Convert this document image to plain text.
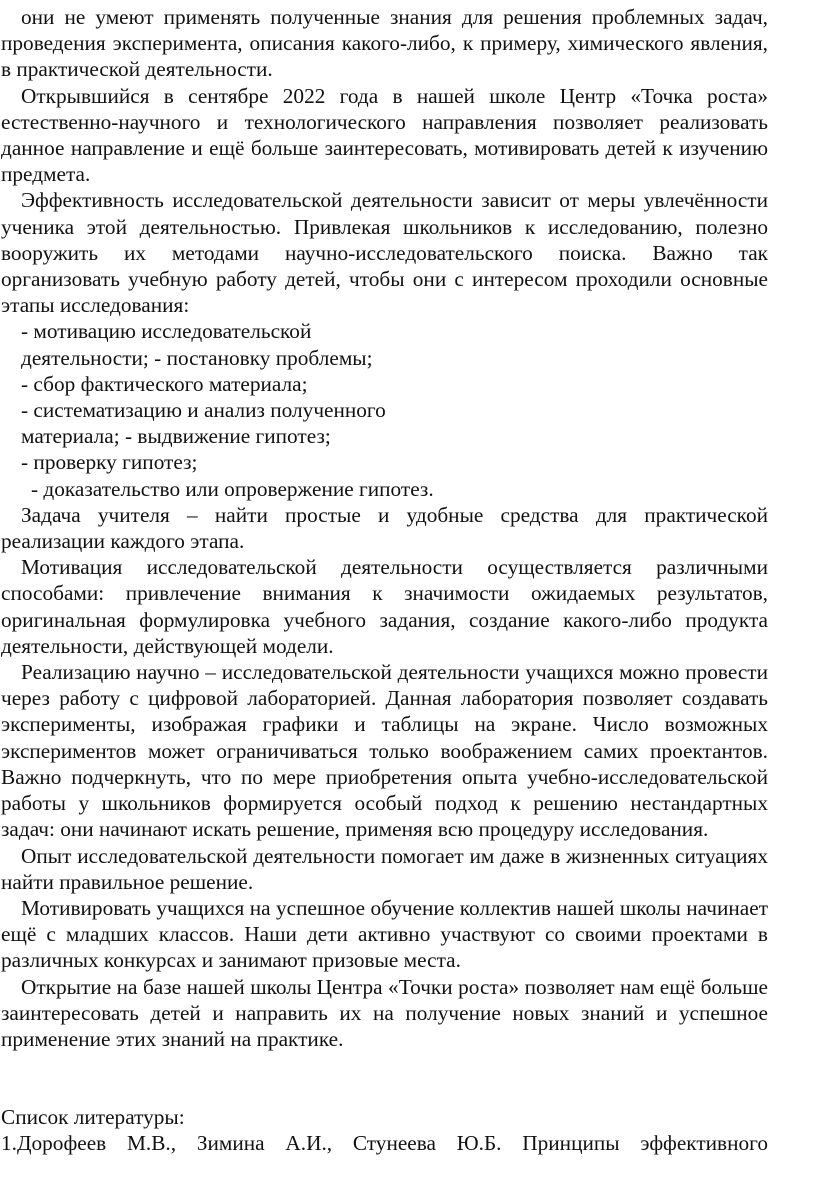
они не умеют применять полученные знания для решения проблемных задач, проведения эксперимента, описания какого-либо, к примеру, химического явления, в практической деятельности.

Открывшийся в сентябре 2022 года в нашей школе Центр «Точка роста» естественно-научного и технологического направления позволяет реализовать данное направление и ещё больше заинтересовать, мотивировать детей к изучению предмета.

Эффективность исследовательской деятельности зависит от меры увлечённости ученика этой деятельностью. Привлекая школьников к исследованию, полезно вооружить их методами научно-исследовательского поиска. Важно так организовать учебную работу детей, чтобы они с интересом проходили основные этапы исследования:

- мотивацию исследовательской
деятельности; - постановку проблемы;
- сбор фактического материала;
- систематизацию и анализ полученного
материала; - выдвижение гипотез;
- проверку гипотез;
- доказательство или опровержение гипотез.

Задача учителя – найти простые и удобные средства для практической реализации каждого этапа.

Мотивация исследовательской деятельности осуществляется различными способами: привлечение внимания к значимости ожидаемых результатов, оригинальная формулировка учебного задания, создание какого-либо продукта деятельности, действующей модели.

Реализацию научно – исследовательской деятельности учащихся можно провести через работу с цифровой лабораторией. Данная лаборатория позволяет создавать эксперименты, изображая графики и таблицы на экране. Число возможных экспериментов может ограничиваться только воображением самих проектантов. Важно подчеркнуть, что по мере приобретения опыта учебно-исследовательской работы у школьников формируется особый подход к решению нестандартных задач: они начинают искать решение, применяя всю процедуру исследования.

Опыт исследовательской деятельности помогает им даже в жизненных ситуациях найти правильное решение.

Мотивировать учащихся на успешное обучение коллектив нашей школы начинает ещё с младших классов. Наши дети активно участвуют со своими проектами в различных конкурсах и занимают призовые места.

Открытие на базе нашей школы Центра «Точки роста» позволяет нам ещё больше заинтересовать детей и направить их на получение новых знаний и успешное применение этих знаний на практике.

Список литературы:

1.Дорофеев М.В., Зимина А.И., Стунеева Ю.Б. Принципы эффективного
